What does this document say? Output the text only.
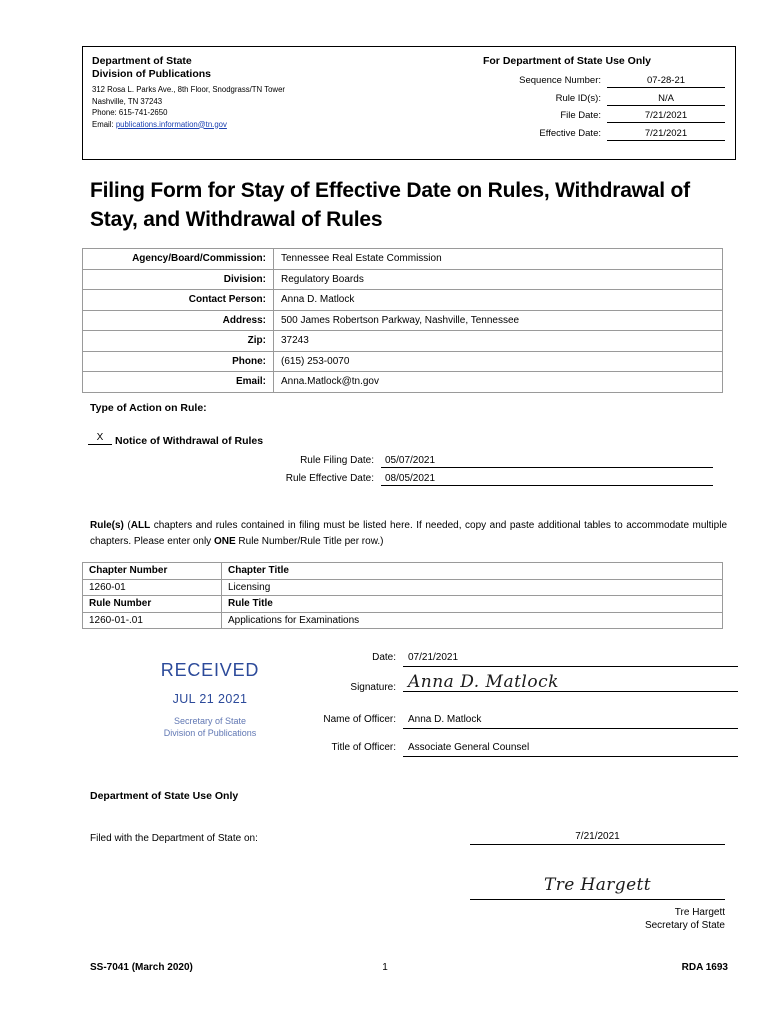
Department of State
Division of Publications
312 Rosa L. Parks Ave., 8th Floor, Snodgrass/TN Tower
Nashville, TN 37243
Phone: 615-741-2650
Email: publications.information@tn.gov
For Department of State Use Only
Sequence Number:	07-28-21
Rule ID(s):	N/A
File Date:	7/21/2021
Effective Date:	7/21/2021
Filing Form for Stay of Effective Date on Rules, Withdrawal of Stay, and Withdrawal of Rules
Agency/Board/Commission:	Tennessee Real Estate Commission
Division:	Regulatory Boards
Contact Person:	Anna D. Matlock
Address:	500 James Robertson Parkway, Nashville, Tennessee
Zip:	37243
Phone:	(615) 253-0070
Email:	Anna.Matlock@tn.gov
Type of Action on Rule:
X	Notice of Withdrawal of Rules
Rule Filing Date:	05/07/2021
Rule Effective Date:	08/05/2021
Rule(s) (ALL chapters and rules contained in filing must be listed here. If needed, copy and paste additional tables to accommodate multiple chapters. Please enter only ONE Rule Number/Rule Title per row.)
Chapter Number	Chapter Title
1260-01	Licensing
Rule Number	Rule Title
1260-01-.01	Applications for Examinations
RECEIVED
JUL 21 2021
Secretary of State
Division of Publications
Date:	07/21/2021
Signature: Anna D. Matlock
Name of Officer:	Anna D. Matlock
Title of Officer:	Associate General Counsel
Department of State Use Only
Filed with the Department of State on:	7/21/2021
Tre Hargett
Tre Hargett
Secretary of State
SS-7041 (March 2020)	1	RDA 1693
